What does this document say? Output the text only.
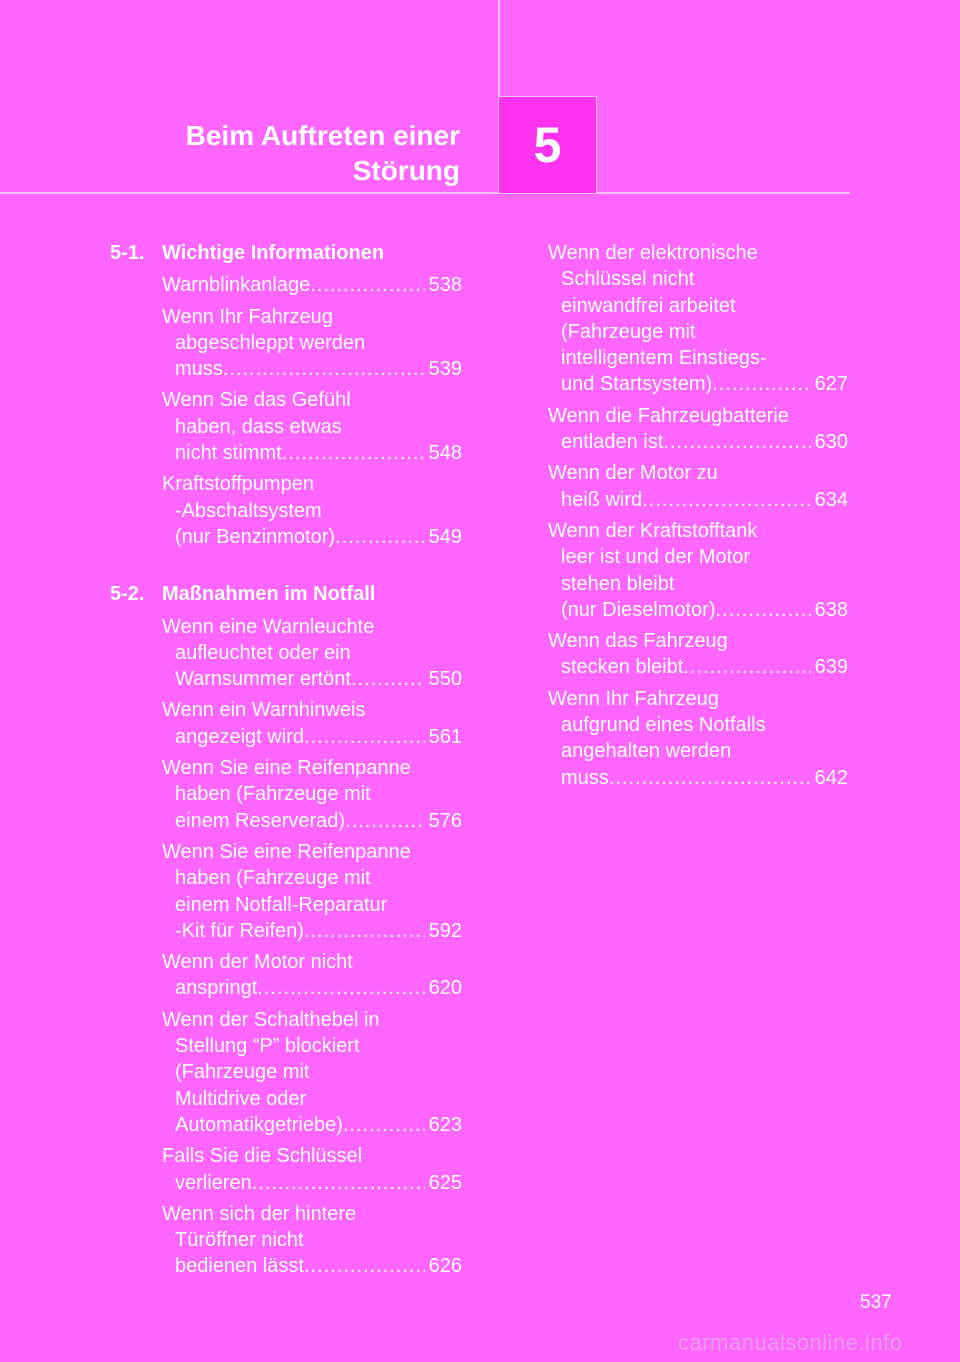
Beim Auftreten einer
Störung 5
5-1. Wichtige Informationen
Warnblinkanlage .....	538
Wenn Ihr Fahrzeug
abgeschleppt werden
muss .....	539
Wenn Sie das Gefühl
haben, dass etwas
nicht stimmt .....	548
Kraftstoffpumpen
-Abschaltsystem
(nur Benzinmotor) .....	549
5-2. Maßnahmen im Notfall
Wenn eine Warnleuchte
aufleuchtet oder ein
Warnsummer ertönt .....	550
Wenn ein Warnhinweis
angezeigt wird .....	561
Wenn Sie eine Reifenpanne
haben (Fahrzeuge mit
einem Reserverad) .....	576
Wenn Sie eine Reifenpanne
haben (Fahrzeuge mit
einem Notfall-Reparatur
-Kit für Reifen) .....	592
Wenn der Motor nicht
anspringt .....	620
Wenn der Schalthebel in
Stellung “P” blockiert
(Fahrzeuge mit
Multidrive oder
Automatikgetriebe) .....	623
Falls Sie die Schlüssel
verlieren .....	625
Wenn sich der hintere
Türöffner nicht
bedienen lässt .....	626
Wenn der elektronische
Schlüssel nicht
einwandfrei arbeitet
(Fahrzeuge mit
intelligentem Einstiegs-
und Startsystem) .....	627
Wenn die Fahrzeugbatterie
entladen ist .....	630
Wenn der Motor zu
heiß wird .....	634
Wenn der Kraftstofftank
leer ist und der Motor
stehen bleibt
(nur Dieselmotor) .....	638
Wenn das Fahrzeug
stecken bleibt .....	639
Wenn Ihr Fahrzeug
aufgrund eines Notfalls
angehalten werden
muss .....	642
537
carmanualsonline.info
